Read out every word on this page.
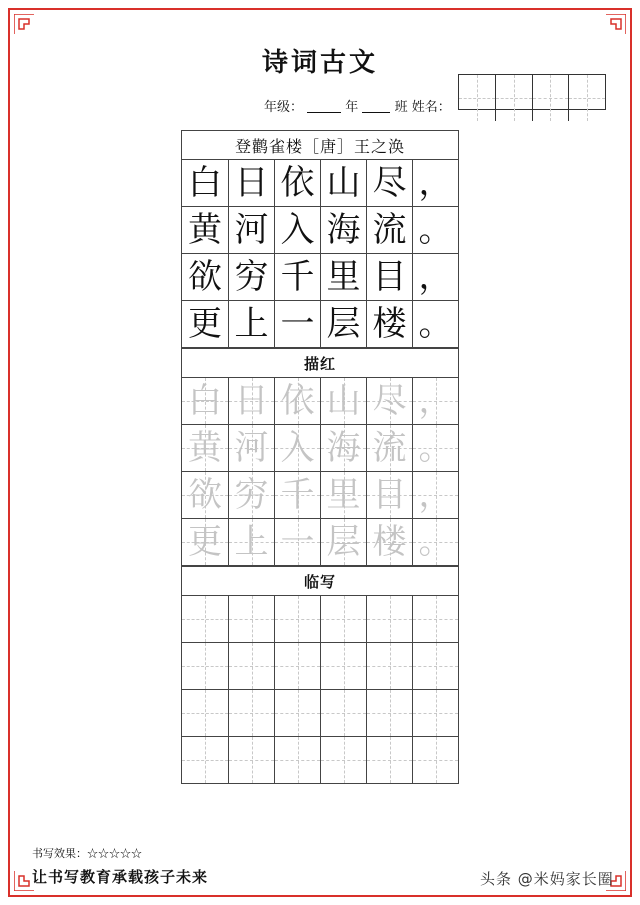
诗词古文
年级：	年	班 姓名：
登鹳雀楼［唐］王之涣
白 日 依 山 尽 ，
黄 河 入 海 流 。
欲 穷 千 里 目 ，
更 上 一 层 楼 。
描红
白 日 依 山 尽 ，
黄 河 入 海 流 。
欲 穷 千 里 目 ，
更 上 一 层 楼 。
临写
书写效果：☆☆☆☆☆
让书写教育承载孩子未来	头条 @米妈家长圈
